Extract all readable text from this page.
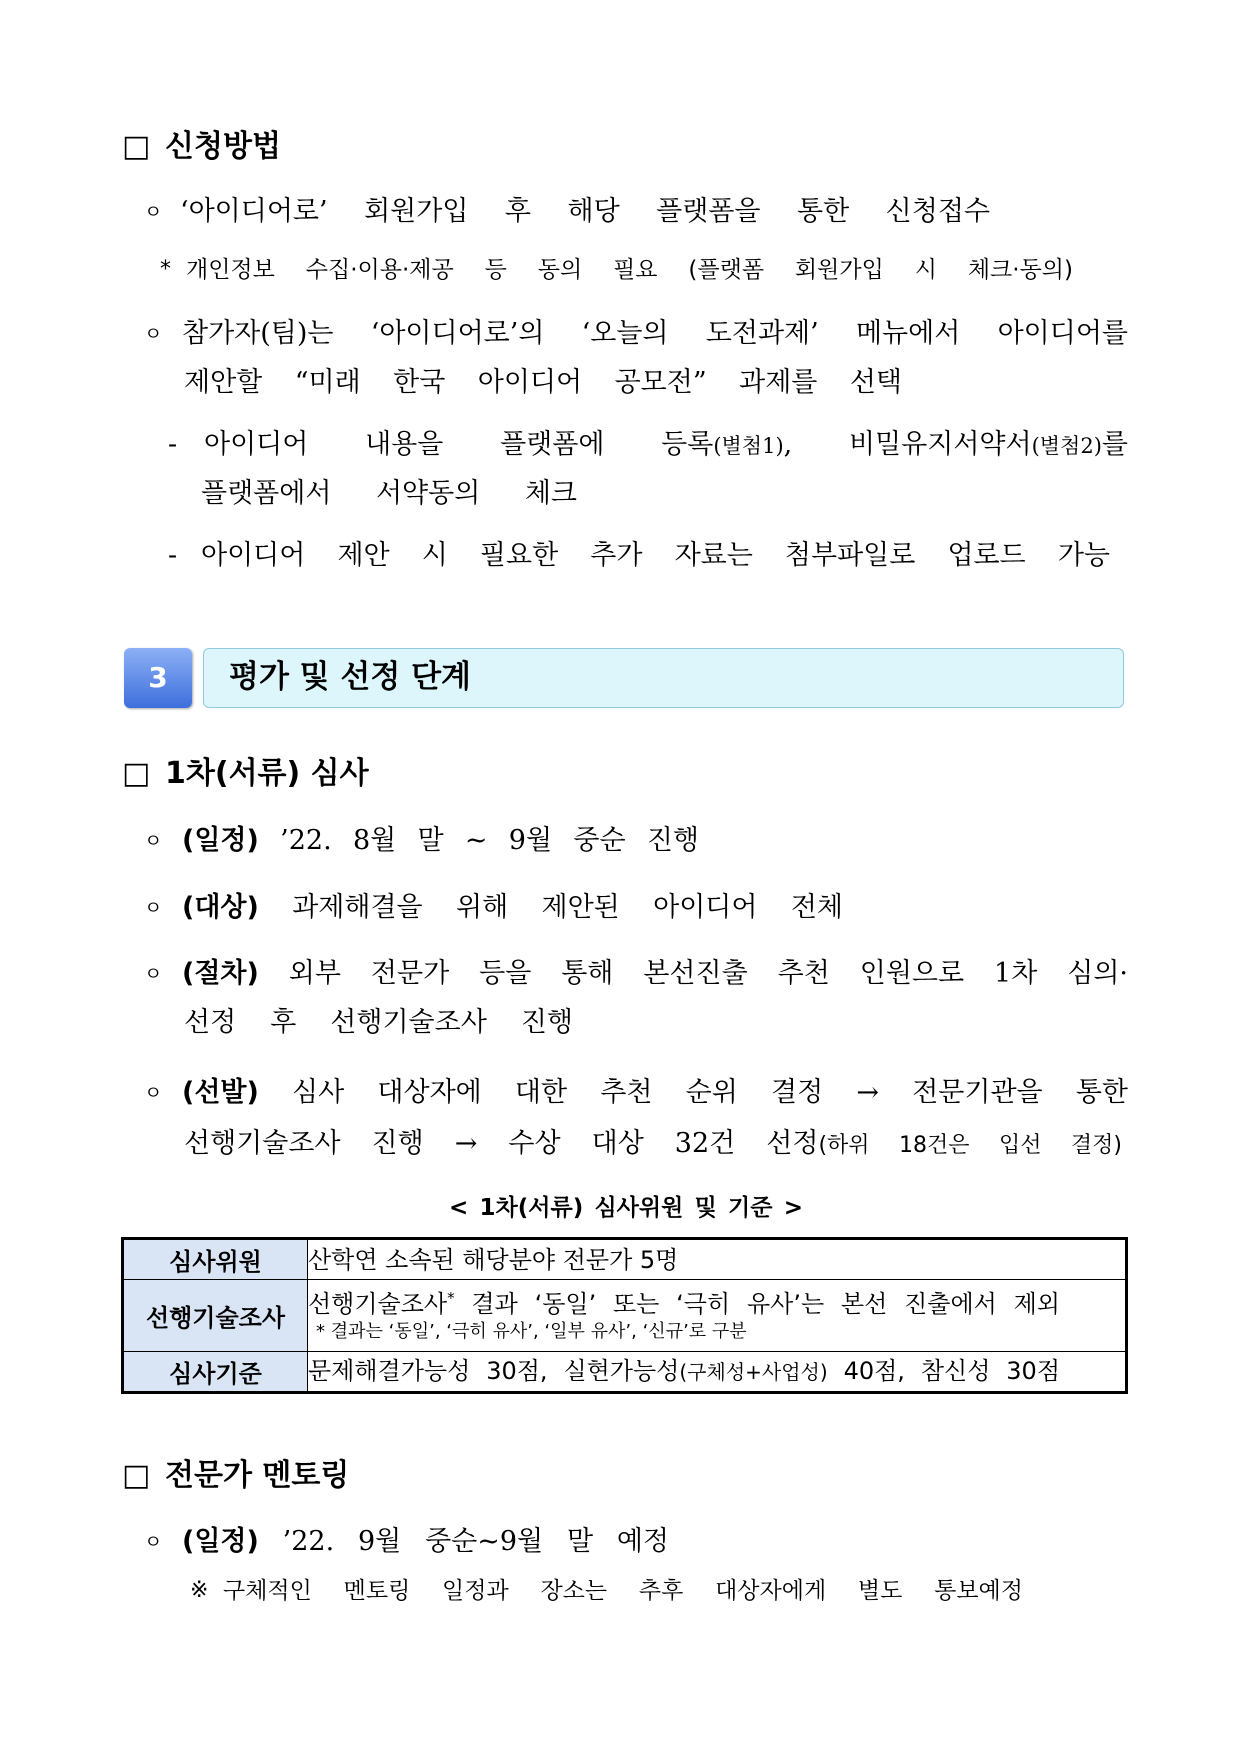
□ 신청방법
ㅇ ‘아이디어로’ 회원가입 후 해당 플랫폼을 통한 신청접수
* 개인정보 수집·이용·제공 등 동의 필요 (플랫폼 회원가입 시 체크·동의)
ㅇ 참가자(팀)는 ‘아이디어로’의 ‘오늘의 도전과제’ 메뉴에서 아이디어를
제안할 “미래 한국 아이디어 공모전” 과제를 선택
- 아이디어 내용을 플랫폼에 등록(별첨1), 비밀유지서약서(별첨2)를
플랫폼에서 서약동의 체크
- 아이디어 제안 시 필요한 추가 자료는 첨부파일로 업로드 가능
3	평가 및 선정 단계
□ 1차(서류) 심사
ㅇ (일정) ’22. 8월 말 ~ 9월 중순 진행
ㅇ (대상) 과제해결을 위해 제안된 아이디어 전체
ㅇ (절차) 외부 전문가 등을 통해 본선진출 추천 인원으로 1차 심의·
선정 후 선행기술조사 진행
ㅇ (선발) 심사 대상자에 대한 추천 순위 결정 → 전문기관을 통한
선행기술조사 진행 → 수상 대상 32건 선정(하위 18건은 입선 결정)
< 1차(서류) 심사위원 및 기준 >
심사위원	산학연 소속된 해당분야 전문가 5명

선행기술조사	선행기술조사* 결과 ‘동일’ 또는 ‘극히 유사’는 본선 진출에서 제외
* 결과는 ‘동일’, ‘극히 유사’, ‘일부 유사’, ‘신규’로 구분

심사기준	문제해결가능성 30점, 실현가능성(구체성+사업성) 40점, 참신성 30점
□ 전문가 멘토링
ㅇ (일정) ’22. 9월 중순~9월 말 예정
※ 구체적인 멘토링 일정과 장소는 추후 대상자에게 별도 통보예정
